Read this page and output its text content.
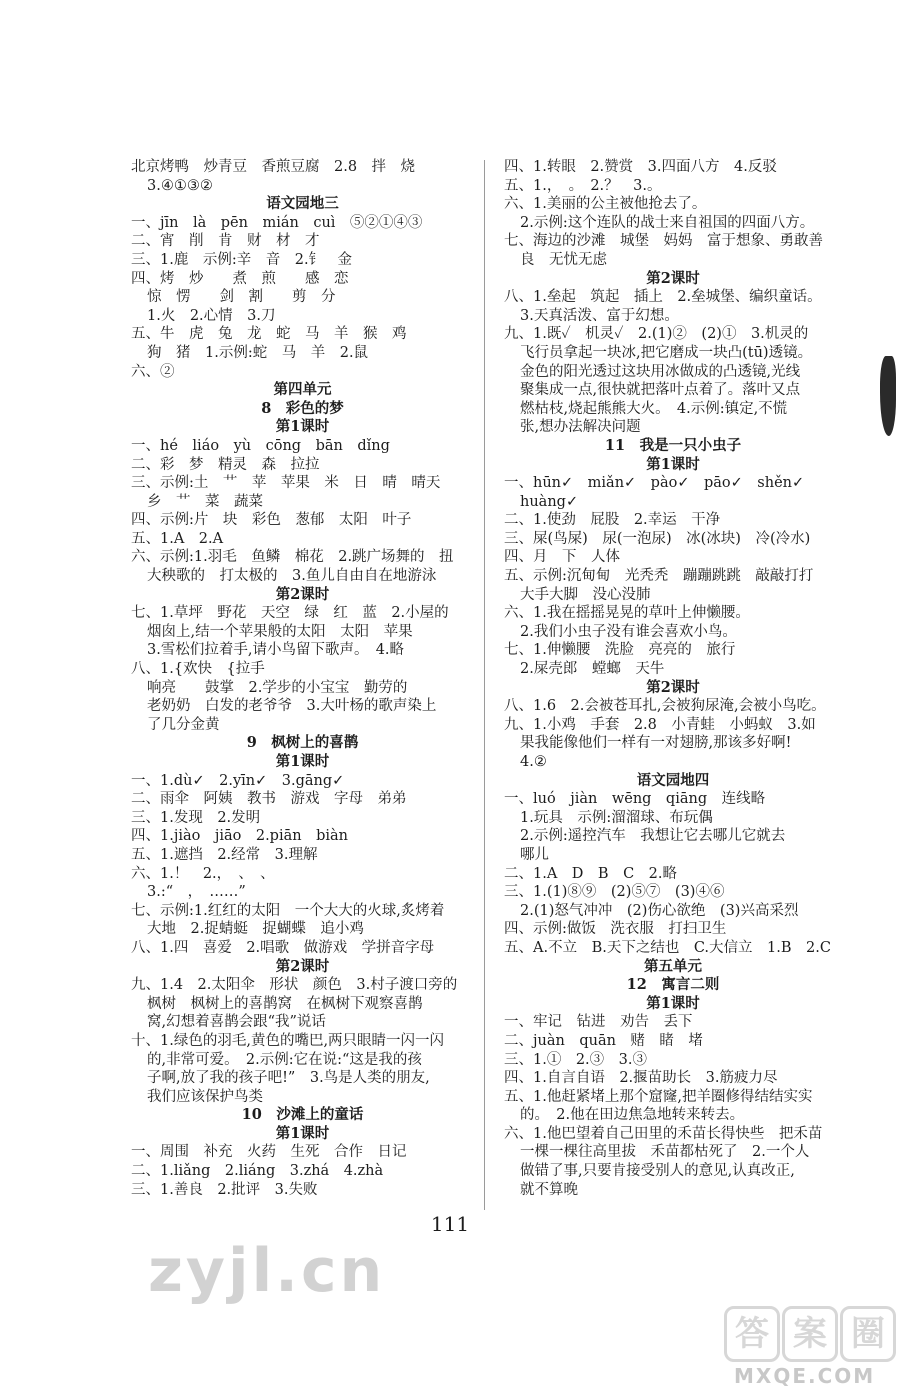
北京烤鸭　炒青豆　香煎豆腐　2.8　拌　烧
3.④①③②
语文园地三
一、jīn　là　pēn　mián　cuì　⑤②①④③
二、宵　削　肯　财　材　才
三、1.鹿　示例:辛　音　2.钅　金
四、烤　炒　　煮　煎　　感　恋
惊　愣　　剑　割　　剪　分
1.火　2.心情　3.刀
五、牛　虎　兔　龙　蛇　马　羊　猴　鸡
狗　猪　1.示例:蛇　马　羊　2.鼠
六、②
第四单元
8　彩色的梦
第1课时
一、hé　liáo　yù　cōng　bān　dǐng
二、彩　梦　精灵　森　拉拉
三、示例:土　艹　苹　苹果　米　日　晴　晴天
乡　艹　菜　蔬菜
四、示例:片　块　彩色　葱郁　太阳　叶子
五、1.A　2.A
六、示例:1.羽毛　鱼鳞　棉花　2.跳广场舞的　扭
大秧歌的　打太极的　3.鱼儿自由自在地游泳
第2课时
七、1.草坪　野花　天空　绿　红　蓝　2.小屋的
烟囱上,结一个苹果般的太阳　太阳　苹果
3.雪松们拉着手,请小鸟留下歌声。　4.略
八、1.{欢快　{拉手
响亮　　鼓掌　2.学步的小宝宝　勤劳的
老奶奶　白发的老爷爷　3.大叶杨的歌声染上
了几分金黄
9　枫树上的喜鹊
第1课时
一、1.dù✓　2.yīn✓　3.gāng✓
二、雨伞　阿姨　教书　游戏　字母　弟弟
三、1.发现　2.发明
四、1.jiào　jiāo　2.piān　biàn
五、1.遮挡　2.经常　3.理解
六、1.！　2.，　、　、
3.:“　，　……”
七、示例:1.红红的太阳　一个大大的火球,炙烤着
大地　2.捉蜻蜓　捉蝴蝶　追小鸡
八、1.四　喜爱　2.唱歌　做游戏　学拼音字母
第2课时
九、1.4　2.太阳伞　形状　颜色　3.村子渡口旁的
枫树　枫树上的喜鹊窝　在枫树下观察喜鹊
窝,幻想着喜鹊会跟“我”说话
十、1.绿色的羽毛,黄色的嘴巴,两只眼睛一闪一闪
的,非常可爱。　2.示例:它在说:“这是我的孩
子啊,放了我的孩子吧!”　3.鸟是人类的朋友,
我们应该保护鸟类
10　沙滩上的童话
第1课时
一、周围　补充　火药　生死　合作　日记
二、1.liǎng　2.liáng　3.zhá　4.zhà
三、1.善良　2.批评　3.失败
四、1.转眼　2.赞赏　3.四面八方　4.反驳
五、1.，　。　2.？　3.。
六、1.美丽的公主被他抢去了。
2.示例:这个连队的战士来自祖国的四面八方。
七、海边的沙滩　城堡　妈妈　富于想象、勇敢善
良　无忧无虑
第2课时
八、1.垒起　筑起　插上　2.垒城堡、编织童话。
3.天真活泼、富于幻想。
九、1.既✓　机灵✓　2.(1)②　(2)①　3.机灵的
飞行员拿起一块冰,把它磨成一块凸(tū)透镜。
金色的阳光透过这块用冰做成的凸透镜,光线
聚集成一点,很快就把落叶点着了。落叶又点
燃枯枝,烧起熊熊大火。　4.示例:镇定,不慌
张,想办法解决问题
11　我是一只小虫子
第1课时
一、hūn✓　miǎn✓　pào✓　pāo✓　shěn✓
huàng✓
二、1.使劲　屁股　2.幸运　干净
三、屎(鸟屎)　尿(一泡尿)　冰(冰块)　冷(冷水)
四、月　下　人体
五、示例:沉甸甸　光秃秃　蹦蹦跳跳　敲敲打打
大手大脚　没心没肺
六、1.我在摇摇晃晃的草叶上伸懒腰。
2.我们小虫子没有谁会喜欢小鸟。
七、1.伸懒腰　洗脸　亮亮的　旅行
2.屎壳郎　螳螂　天牛
第2课时
八、1.6　2.会被苍耳扎,会被狗尿淹,会被小鸟吃。
九、1.小鸡　手套　2.8　小青蛙　小蚂蚁　3.如
果我能像他们一样有一对翅膀,那该多好啊!
4.②
语文园地四
一、luó　jiàn　wēng　qiāng　连线略
1.玩具　示例:溜溜球、布玩偶
2.示例:遥控汽车　我想让它去哪儿它就去
哪儿
二、1.A　D　B　C　2.略
三、1.(1)⑧⑨　(2)⑤⑦　(3)④⑥
2.(1)怒气冲冲　(2)伤心欲绝　(3)兴高采烈
四、示例:做饭　洗衣服　打扫卫生
五、A.不立　B.天下之结也　C.大信立　1.B　2.C
第五单元
12　寓言二则
第1课时
一、牢记　钻进　劝告　丢下
二、juàn　quān　赌　睹　堵
三、1.①　2.③　3.③
四、1.自言自语　2.揠苗助长　3.筋疲力尽
五、1.他赶紧堵上那个窟窿,把羊圈修得结结实实
的。　2.他在田边焦急地转来转去。
六、1.他巴望着自己田里的禾苗长得快些　把禾苗
一棵一棵往高里拔　禾苗都枯死了　2.一个人
做错了事,只要肯接受别人的意见,认真改正,
就不算晚
111
zyjl.cn
答 案 圈
MXQE.COM
